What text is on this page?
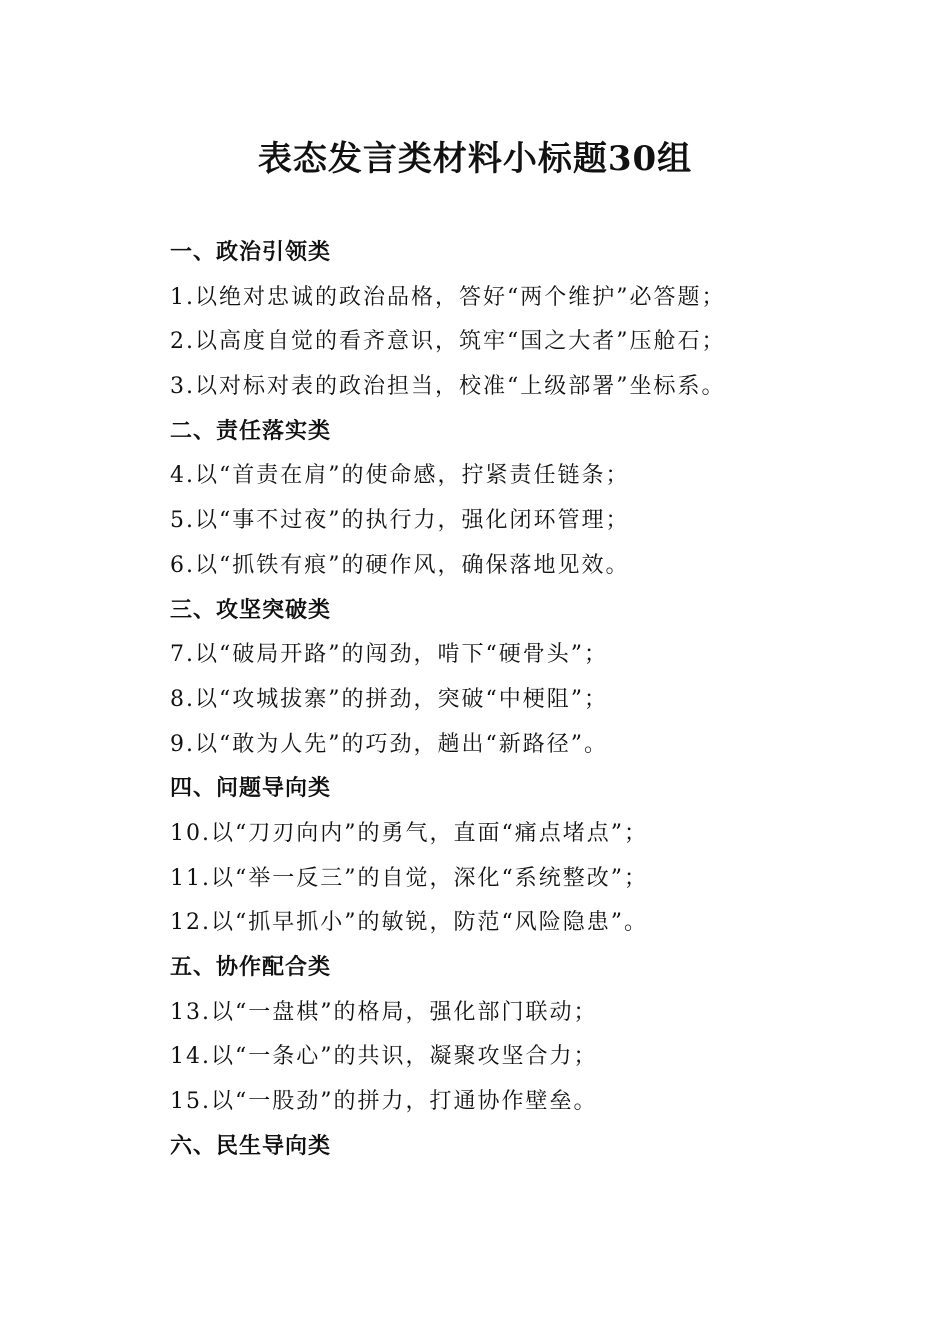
表态发言类材料小标题30组
一、政治引领类
1.以绝对忠诚的政治品格，答好“两个维护”必答题；
2.以高度自觉的看齐意识，筑牢“国之大者”压舱石；
3.以对标对表的政治担当，校准“上级部署”坐标系。
二、责任落实类
4.以“首责在肩”的使命感，拧紧责任链条；
5.以“事不过夜”的执行力，强化闭环管理；
6.以“抓铁有痕”的硬作风，确保落地见效。
三、攻坚突破类
7.以“破局开路”的闯劲，啃下“硬骨头”；
8.以“攻城拔寨”的拼劲，突破“中梗阻”；
9.以“敢为人先”的巧劲，趟出“新路径”。
四、问题导向类
10.以“刀刃向内”的勇气，直面“痛点堵点”；
11.以“举一反三”的自觉，深化“系统整改”；
12.以“抓早抓小”的敏锐，防范“风险隐患”。
五、协作配合类
13.以“一盘棋”的格局，强化部门联动；
14.以“一条心”的共识，凝聚攻坚合力；
15.以“一股劲”的拼力，打通协作壁垒。
六、民生导向类
